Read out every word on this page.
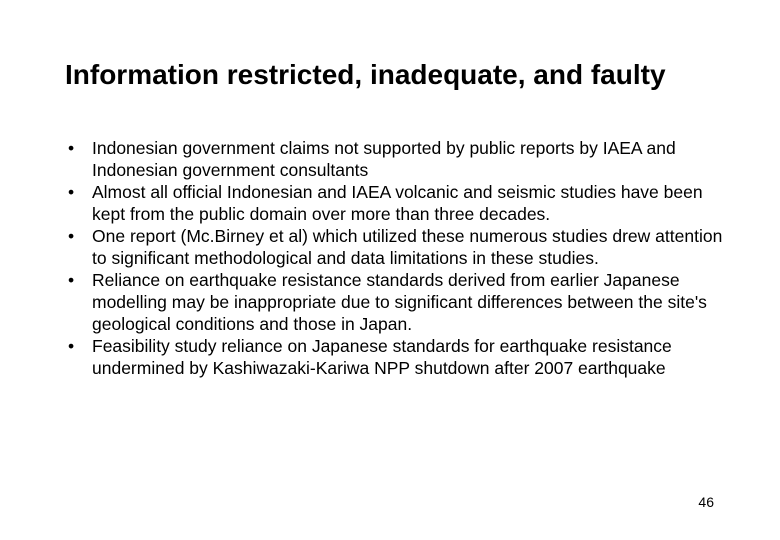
Information restricted, inadequate, and faulty
• Indonesian government claims not supported by public reports by IAEA and Indonesian government consultants
• Almost all official Indonesian and IAEA volcanic and seismic studies have been kept from the public domain over more than three decades.
• One report (Mc.Birney et al) which utilized these numerous studies drew attention to significant methodological and data limitations in these studies.
• Reliance on earthquake resistance standards derived from earlier Japanese modelling may be inappropriate due to significant differences between the site's geological conditions and those in Japan.
• Feasibility study reliance on Japanese standards for earthquake resistance undermined by Kashiwazaki-Kariwa NPP shutdown after 2007 earthquake
46
